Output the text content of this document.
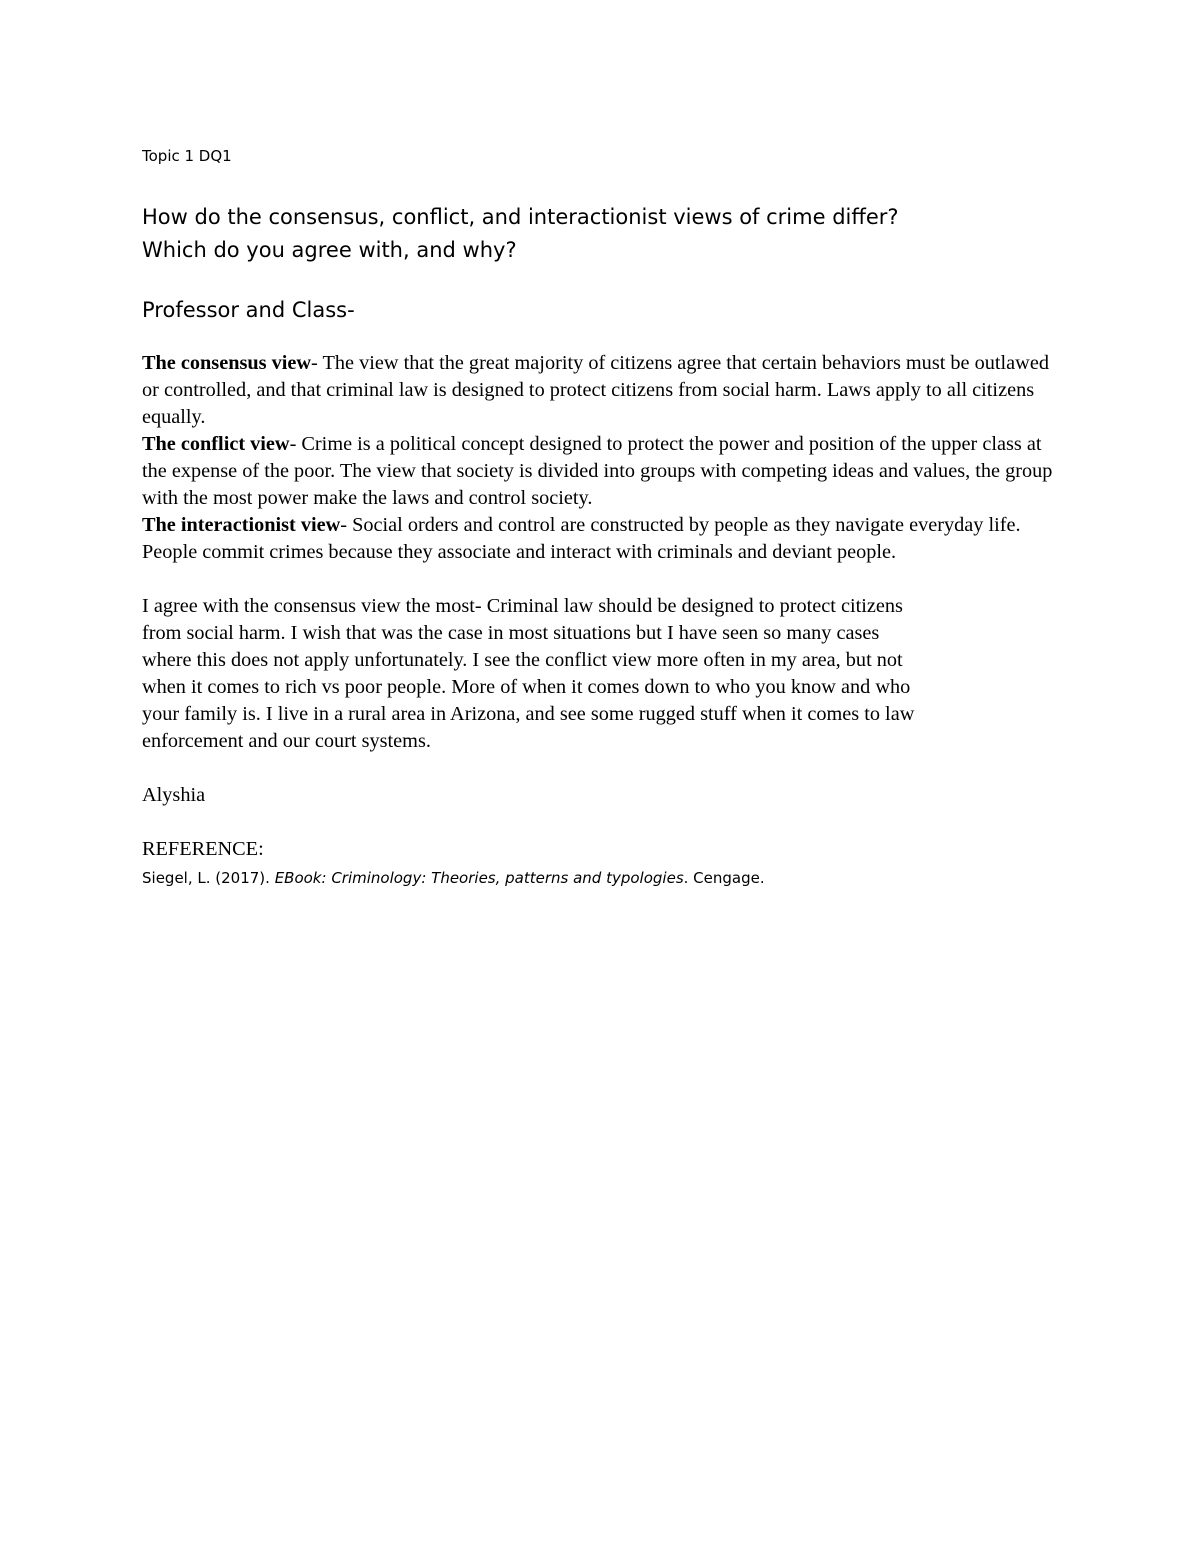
Topic 1 DQ1

How do the consensus, conflict, and interactionist views of crime differ?
Which do you agree with, and why?

Professor and Class-

The consensus view- The view that the great majority of citizens agree that certain behaviors must be outlawed or controlled, and that criminal law is designed to protect citizens from social harm. Laws apply to all citizens equally.

The conflict view- Crime is a political concept designed to protect the power and position of the upper class at the expense of the poor. The view that society is divided into groups with competing ideas and values, the group with the most power make the laws and control society.

The interactionist view- Social orders and control are constructed by people as they navigate everyday life. People commit crimes because they associate and interact with criminals and deviant people.

I agree with the consensus view the most- Criminal law should be designed to protect citizens
from social harm. I wish that was the case in most situations but I have seen so many cases
where this does not apply unfortunately. I see the conflict view more often in my area, but not
when it comes to rich vs poor people. More of when it comes down to who you know and who
your family is. I live in a rural area in Arizona, and see some rugged stuff when it comes to law
enforcement and our court systems.

Alyshia

REFERENCE:

Siegel, L. (2017). EBook: Criminology: Theories, patterns and typologies. Cengage.
